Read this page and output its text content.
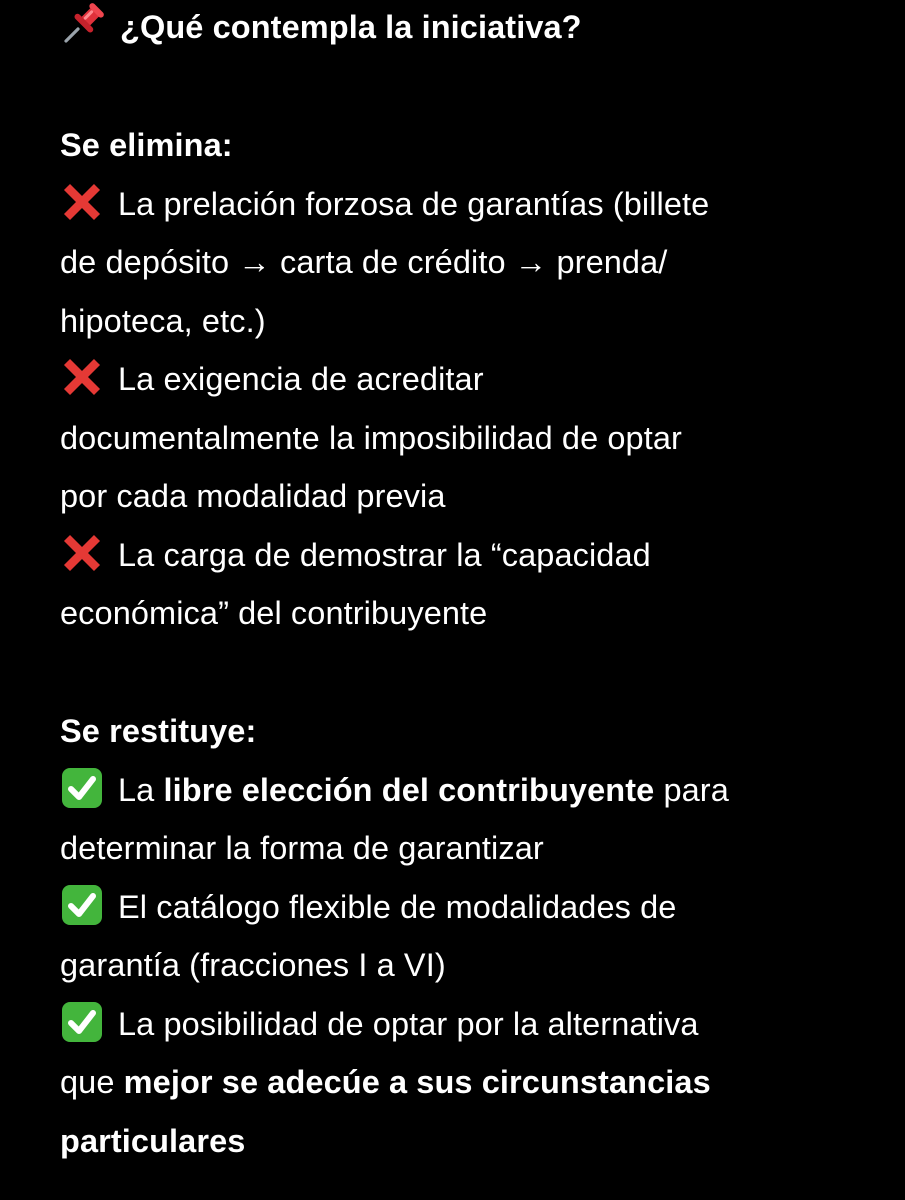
¿Qué contempla la iniciativa?
Se elimina:
La prelación forzosa de garantías (billete
de depósito → carta de crédito → prenda/
hipoteca, etc.)
La exigencia de acreditar
documentalmente la imposibilidad de optar
por cada modalidad previa
La carga de demostrar la “capacidad
económica” del contribuyente
Se restituye:
La libre elección del contribuyente para
determinar la forma de garantizar
El catálogo flexible de modalidades de
garantía (fracciones I a VI)
La posibilidad de optar por la alternativa
que mejor se adecúe a sus circunstancias
particulares
